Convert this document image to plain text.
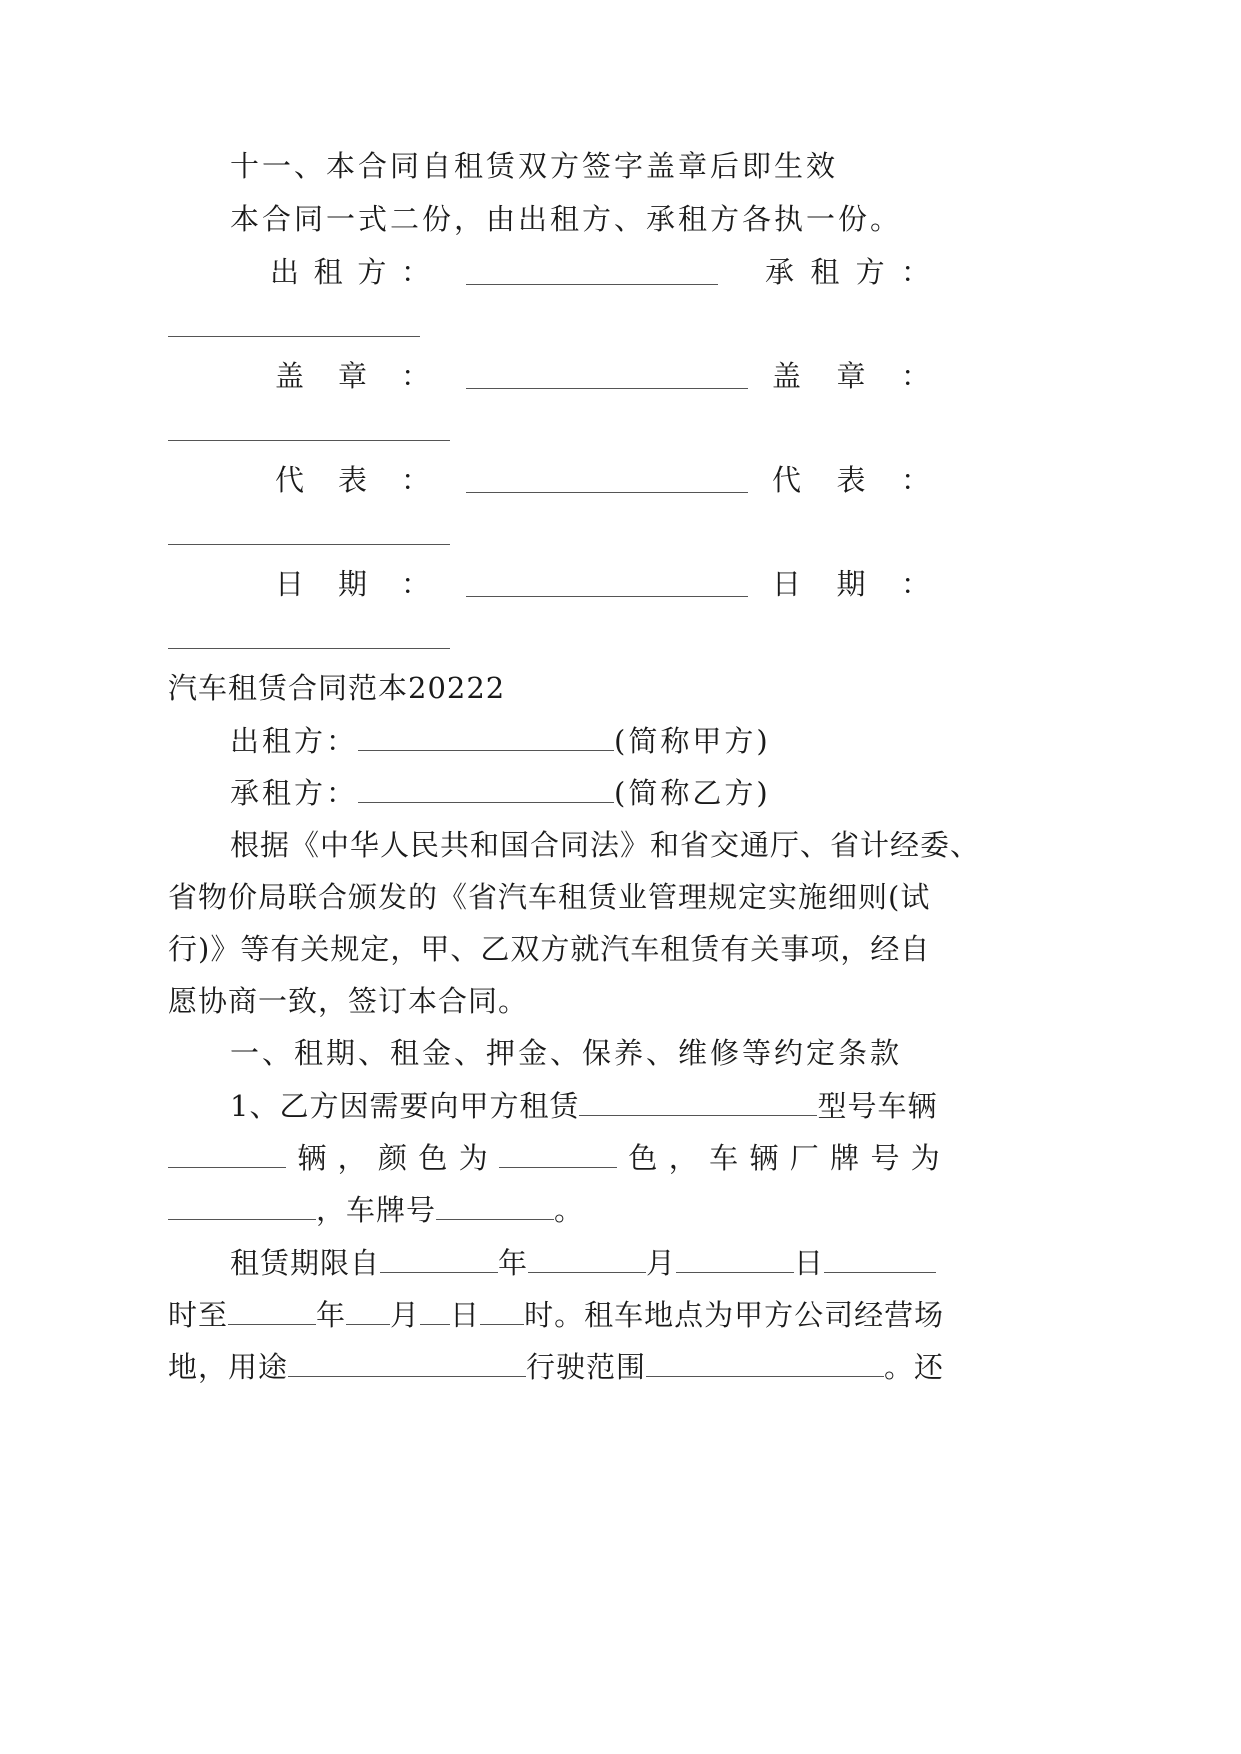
十一、本合同自租赁双方签字盖章后即生效
本合同一式二份，由出租方、承租方各执一份。
出 租 方 ：	承 租 方 ：
盖 章 ：	盖 章 ：
代 表 ：	代 表 ：
日 期 ：	日 期 ：
汽车租赁合同范本20222
出租方：	(简称甲方)
承租方：	(简称乙方)
根据《中华人民共和国合同法》和省交通厅、省计经委、
省物价局联合颁发的《省汽车租赁业管理规定实施细则(试
行)》等有关规定，甲、乙双方就汽车租赁有关事项，经自
愿协商一致，签订本合同。
一、租期、租金、押金、保养、维修等约定条款
1、乙方因需要向甲方租赁	型号车辆
辆 ， 颜 色 为	色 ， 车 辆 厂 牌 号 为
，车牌号	。
租赁期限自	年	月	日
时至	年 月 日 时。租车地点为甲方公司经营场
地，用途	行驶范围	。还
